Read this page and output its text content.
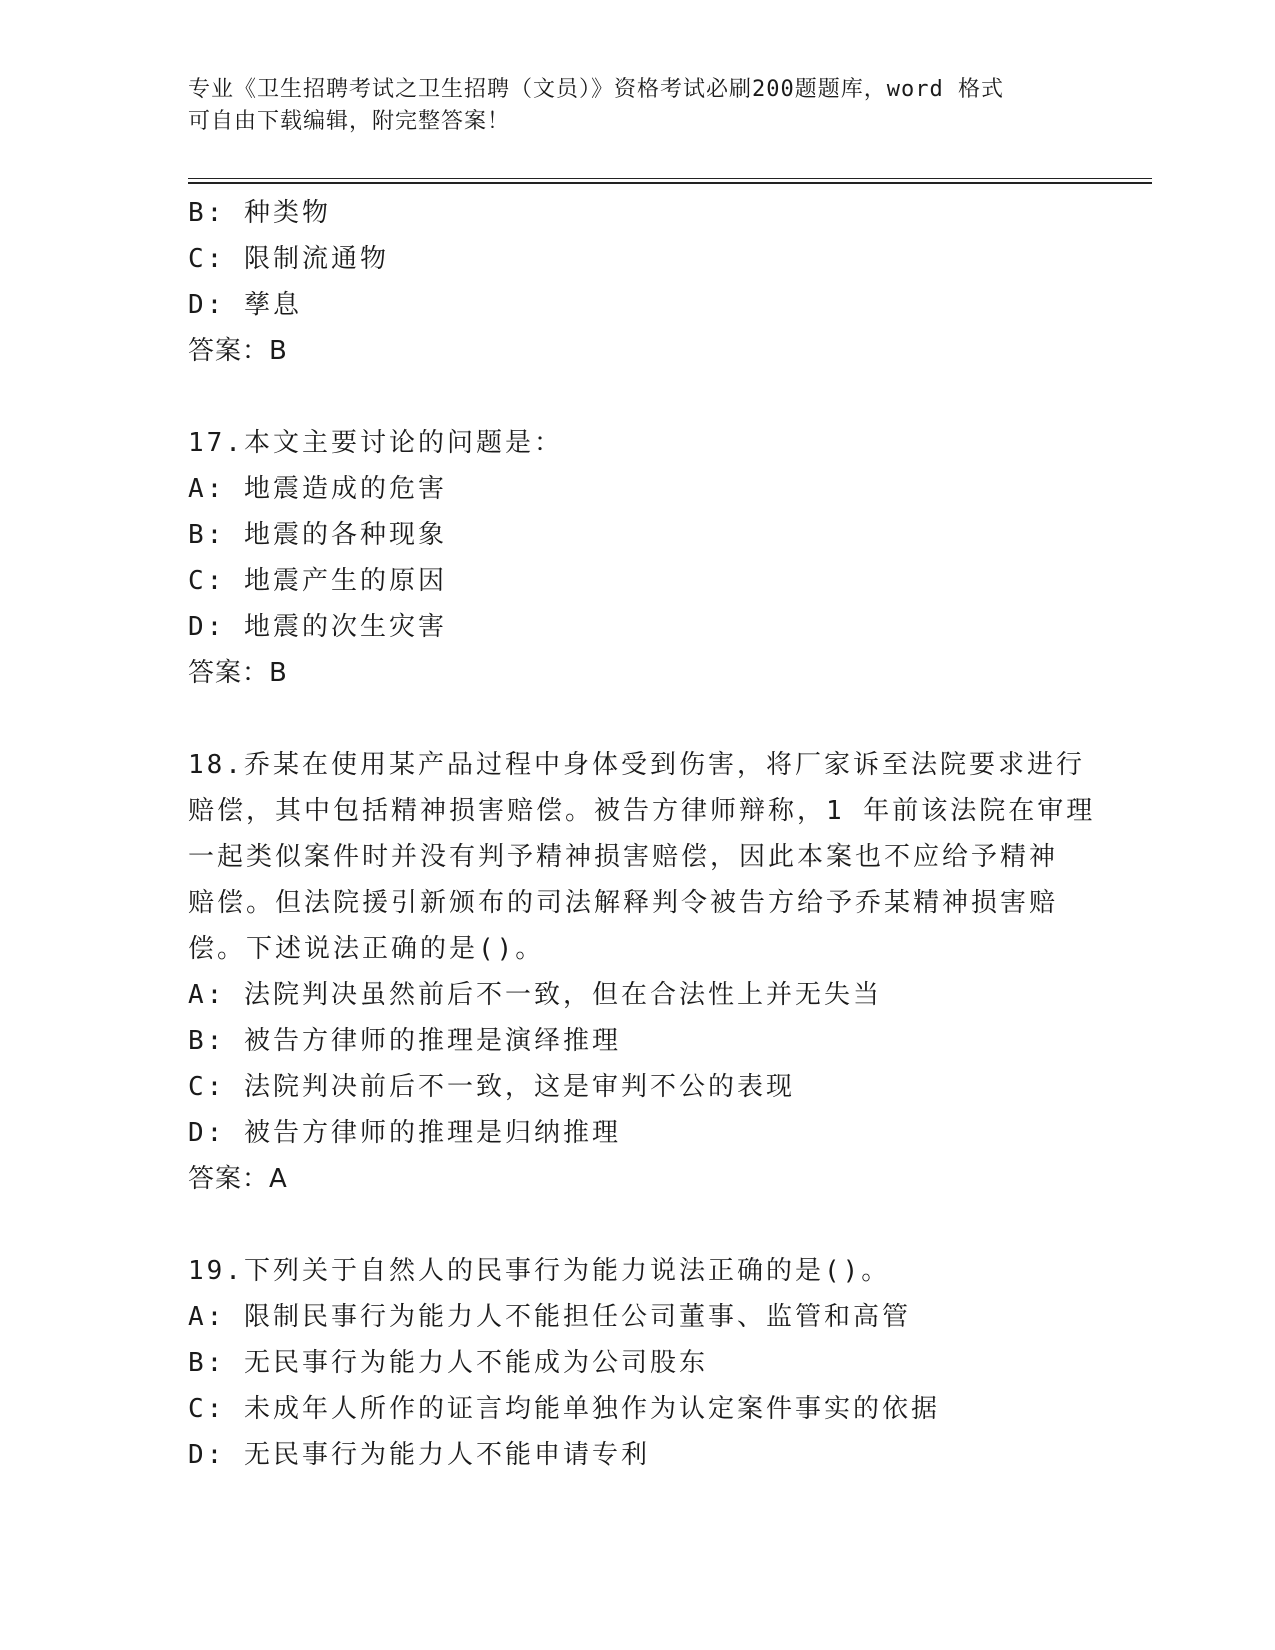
专业《卫生招聘考试之卫生招聘（文员）》资格考试必刷200题题库，word 格式
可自由下载编辑，附完整答案！
B: 种类物
C: 限制流通物
D: 孳息
答案：B
17.本文主要讨论的问题是：
A: 地震造成的危害
B: 地震的各种现象
C: 地震产生的原因
D: 地震的次生灾害
答案：B
18.乔某在使用某产品过程中身体受到伤害，将厂家诉至法院要求进行
赔偿，其中包括精神损害赔偿。被告方律师辩称，1 年前该法院在审理
一起类似案件时并没有判予精神损害赔偿，因此本案也不应给予精神
赔偿。但法院援引新颁布的司法解释判令被告方给予乔某精神损害赔
偿。下述说法正确的是()。
A: 法院判决虽然前后不一致，但在合法性上并无失当
B: 被告方律师的推理是演绎推理
C: 法院判决前后不一致，这是审判不公的表现
D: 被告方律师的推理是归纳推理
答案：A
19.下列关于自然人的民事行为能力说法正确的是()。
A: 限制民事行为能力人不能担任公司董事、监管和高管
B: 无民事行为能力人不能成为公司股东
C: 未成年人所作的证言均能单独作为认定案件事实的依据
D: 无民事行为能力人不能申请专利
